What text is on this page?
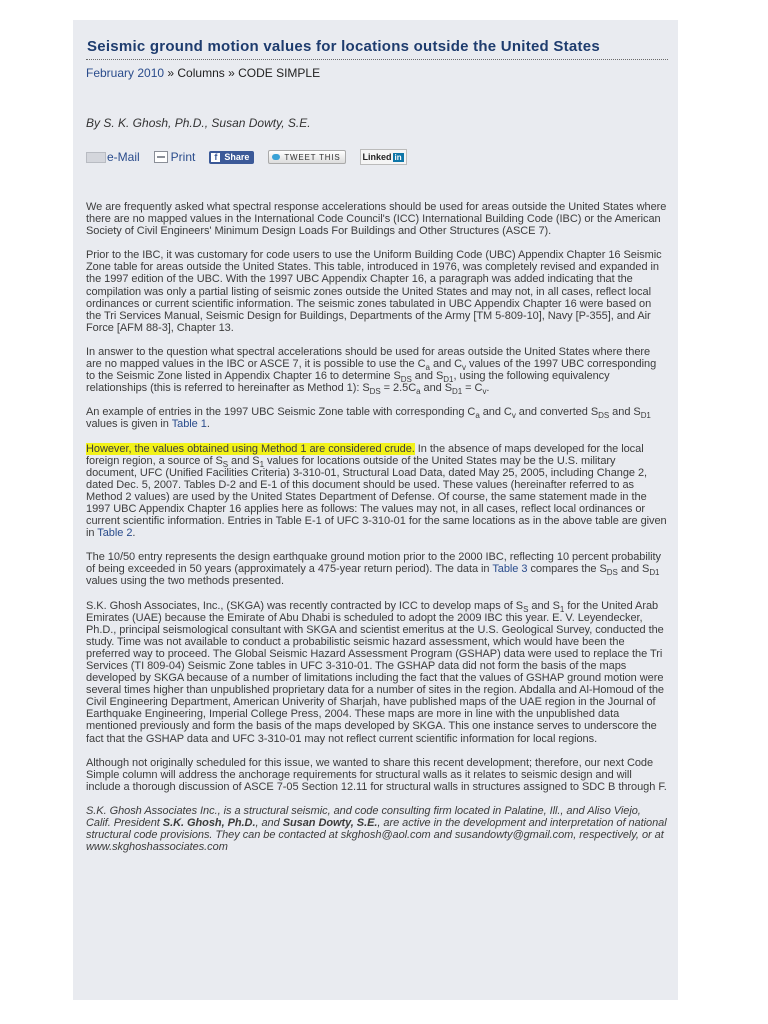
Seismic ground motion values for locations outside the United States
February 2010 » Columns » CODE SIMPLE
By S. K. Ghosh, Ph.D., Susan Dowty, S.E.
e-Mail	Print	f Share	TWEET THIS Linked in

We are frequently asked what spectral response accelerations should be used for areas outside the United States where there are no mapped values in the International Code Council's (ICC) International Building Code (IBC) or the American Society of Civil Engineers' Minimum Design Loads For Buildings and Other Structures (ASCE 7).

Prior to the IBC, it was customary for code users to use the Uniform Building Code (UBC) Appendix Chapter 16 Seismic Zone table for areas outside the United States. This table, introduced in 1976, was completely revised and expanded in the 1997 edition of the UBC. With the 1997 UBC Appendix Chapter 16, a paragraph was added indicating that the compilation was only a partial listing of seismic zones outside the United States and may not, in all cases, reflect local ordinances or current scientific information. The seismic zones tabulated in UBC Appendix Chapter 16 were based on the Tri Services Manual, Seismic Design for Buildings, Departments of the Army [TM 5-809-10], Navy [P-355], and Air Force [AFM 88-3], Chapter 13.

In answer to the question what spectral accelerations should be used for areas outside the United States where there are no mapped values in the IBC or ASCE 7, it is possible to use the $C_a$ and $C_v$ values of the 1997 UBC corresponding to the Seismic Zone listed in Appendix Chapter 16 to determine $S_{DS}$ and $S_{D1}$, using the following equivalency relationships (this is referred to hereinafter as Method 1): $S_{DS} = 2.5C_a$ and $S_{D1} = C_v$.

An example of entries in the 1997 UBC Seismic Zone table with corresponding $C_a$ and $C_v$ and converted $S_{DS}$ and $S_{D1}$ values is given in Table 1.

However, the values obtained using Method 1 are considered crude. In the absence of maps developed for the local foreign region, a source of $S_S$ and $S_1$ values for locations outside of the United States may be the U.S. military document, UFC (Unified Facilities Criteria) 3-310-01, Structural Load Data, dated May 25, 2005, including Change 2, dated Dec. 5, 2007. Tables D-2 and E-1 of this document should be used. These values (hereinafter referred to as Method 2 values) are used by the United States Department of Defense. Of course, the same statement made in the 1997 UBC Appendix Chapter 16 applies here as follows: The values may not, in all cases, reflect local ordinances or current scientific information. Entries in Table E-1 of UFC 3-310-01 for the same locations as in the above table are given in Table 2.

The 10/50 entry represents the design earthquake ground motion prior to the 2000 IBC, reflecting 10 percent probability of being exceeded in 50 years (approximately a 475-year return period). The data in Table 3 compares the $S_{DS}$ and $S_{D1}$ values using the two methods presented.

S.K. Ghosh Associates, Inc., (SKGA) was recently contracted by ICC to develop maps of $S_S$ and $S_1$ for the United Arab Emirates (UAE) because the Emirate of Abu Dhabi is scheduled to adopt the 2009 IBC this year. E. V. Leyendecker, Ph.D., principal seismological consultant with SKGA and scientist emeritus at the U.S. Geological Survey, conducted the study. Time was not available to conduct a probabilistic seismic hazard assessment, which would have been the preferred way to proceed. The Global Seismic Hazard Assessment Program (GSHAP) data were used to replace the Tri Services (TI 809-04) Seismic Zone tables in UFC 3-310-01. The GSHAP data did not form the basis of the maps developed by SKGA because of a number of limitations including the fact that the values of GSHAP ground motion were several times higher than unpublished proprietary data for a number of sites in the region. Abdalla and Al-Homoud of the Civil Engineering Department, American Univerity of Sharjah, have published maps of the UAE region in the Journal of Earthquake Engineering, Imperial College Press, 2004. These maps are more in line with the unpublished data mentioned previously and form the basis of the maps developed by SKGA. This one instance serves to underscore the fact that the GSHAP data and UFC 3-310-01 may not reflect current scientific information for local regions.

Although not originally scheduled for this issue, we wanted to share this recent development; therefore, our next Code Simple column will address the anchorage requirements for structural walls as it relates to seismic design and will include a thorough discussion of ASCE 7-05 Section 12.11 for structural walls in structures assigned to SDC B through F.

S.K. Ghosh Associates Inc., is a structural seismic, and code consulting firm located in Palatine, Ill., and Aliso Viejo, Calif. President S.K. Ghosh, Ph.D., and Susan Dowty, S.E., are active in the development and interpretation of national structural code provisions. They can be contacted at skghosh@aol.com and susandowty@gmail.com, respectively, or at www.skghoshassociates.com
